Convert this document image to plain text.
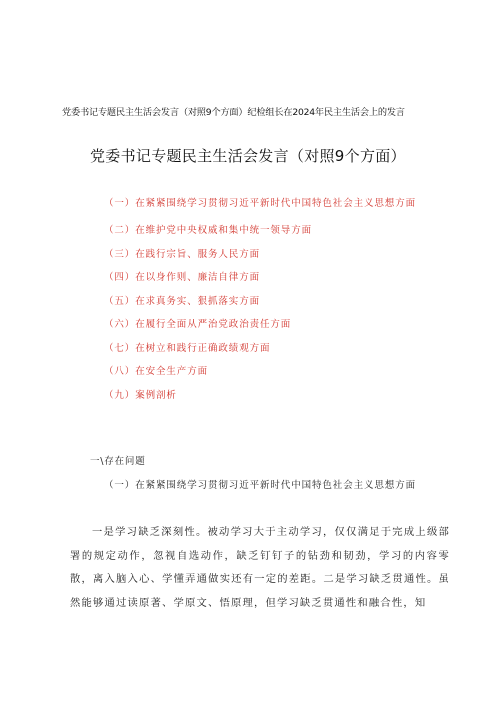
党委书记专题民主生活会发言（对照9个方面）纪检组长在2024年民主生活会上的发言
党委书记专题民主生活会发言（对照9个方面）
（一）在紧紧围绕学习贯彻习近平新时代中国特色社会主义思想方面
（二）在维护党中央权威和集中统一领导方面
（三）在践行宗旨、服务人民方面
（四）在以身作则、廉洁自律方面
（五）在求真务实、狠抓落实方面
（六）在履行全面从严治党政治责任方面
（七）在树立和践行正确政绩观方面
（八）在安全生产方面
（九）案例剖析
一\存在问题
（一）在紧紧围绕学习贯彻习近平新时代中国特色社会主义思想方面
一是学习缺乏深刻性。被动学习大于主动学习，仅仅满足于完成上级部署的规定动作，忽视自选动作，缺乏钉钉子的钻劲和韧劲，学习的内容零散，离入脑入心、学懂弄通做实还有一定的差距。二是学习缺乏贯通性。虽然能够通过读原著、学原文、悟原理，但学习缺乏贯通性和融合性，知
